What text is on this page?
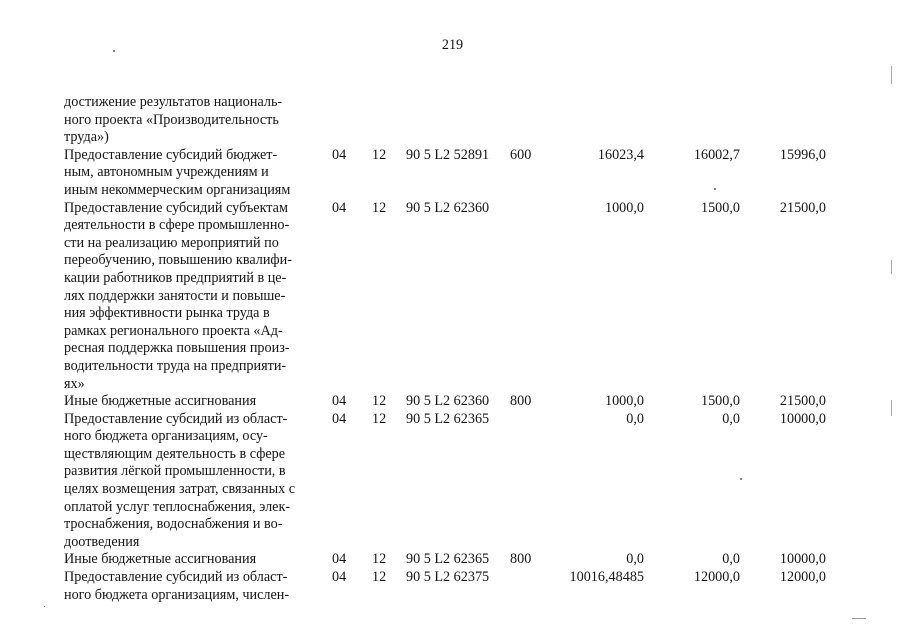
219
достижение результатов националь-
ного проекта «Производительность
труда»)
Предоставление субсидий бюджет-
ным, автономным учреждениям и
иным некоммерческим организациям
04 12 90 5 L2 52891 600	16023,4	16002,7	15996,0
Предоставление субсидий субъектам
деятельности в сфере промышленно-
сти на реализацию мероприятий по
переобучению, повышению квалифи-
кации работников предприятий в це-
лях поддержки занятости и повыше-
ния эффективности рынка труда в
рамках регионального проекта «Ад-
ресная поддержка повышения произ-
водительности труда на предприяти-
ях»
04 12 90 5 L2 62360	1000,0	1500,0	21500,0
Иные бюджетные ассигнования	04 12 90 5 L2 62360 800	1000,0	1500,0	21500,0
Предоставление субсидий из област-
ного бюджета организациям, осу-
ществляющим деятельность в сфере
развития лёгкой промышленности, в
целях возмещения затрат, связанных с
оплатой услуг теплоснабжения, элек-
троснабжения, водоснабжения и во-
доотведения
04 12 90 5 L2 62365	0,0	0,0	10000,0
Иные бюджетные ассигнования	04 12 90 5 L2 62365 800	0,0	0,0	10000,0
Предоставление субсидий из област-
ного бюджета организациям, числен-
04 12 90 5 L2 62375	10016,48485	12000,0	12000,0
